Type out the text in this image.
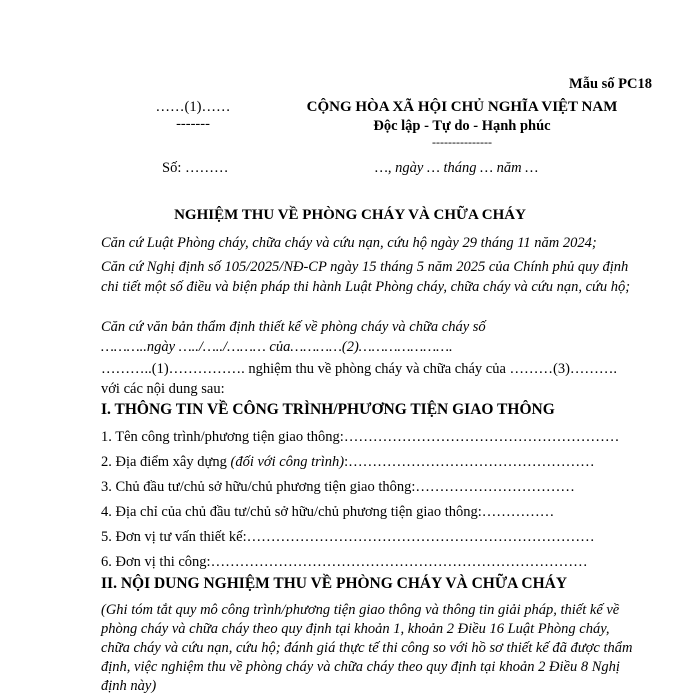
Mẫu số PC18
……(1)……
-------
CỘNG HÒA XÃ HỘI CHỦ NGHĨA VIỆT NAM
Độc lập - Tự do - Hạnh phúc
---------------
Số: ………	…, ngày … tháng … năm …
NGHIỆM THU VỀ PHÒNG CHÁY VÀ CHỮA CHÁY
Căn cứ Luật Phòng cháy, chữa cháy và cứu nạn, cứu hộ ngày 29 tháng 11 năm 2024;
Căn cứ Nghị định số 105/2025/NĐ-CP ngày 15 tháng 5 năm 2025 của Chính phủ quy định chi tiết một số điều và biện pháp thi hành Luật Phòng cháy, chữa cháy và cứu nạn, cứu hộ;
Căn cứ văn bản thẩm định thiết kế về phòng cháy và chữa cháy số ………..ngày …../…../……… của…………(2)………………….
………..(1)……………. nghiệm thu về phòng cháy và chữa cháy của ………(3)………. với các nội dung sau:
I. THÔNG TIN VỀ CÔNG TRÌNH/PHƯƠNG TIỆN GIAO THÔNG
1. Tên công trình/phương tiện giao thông:…………………………………………………
2. Địa điểm xây dựng (đối với công trình):……………………………………………
3. Chủ đầu tư/chủ sở hữu/chủ phương tiện giao thông:……………………………
4. Địa chỉ của chủ đầu tư/chủ sở hữu/chủ phương tiện giao thông:……………
5. Đơn vị tư vấn thiết kế:………………………………………………………………
6. Đơn vị thi công:……………………………………………………………………
II. NỘI DUNG NGHIỆM THU VỀ PHÒNG CHÁY VÀ CHỮA CHÁY
(Ghi tóm tắt quy mô công trình/phương tiện giao thông và thông tin giải pháp, thiết kế về phòng cháy và chữa cháy theo quy định tại khoản 1, khoản 2 Điều 16 Luật Phòng cháy, chữa cháy và cứu nạn, cứu hộ; đánh giá thực tế thi công so với hồ sơ thiết kế đã được thẩm định, việc nghiệm thu về phòng cháy và chữa cháy theo quy định tại khoản 2 Điều 8 Nghị định này)
